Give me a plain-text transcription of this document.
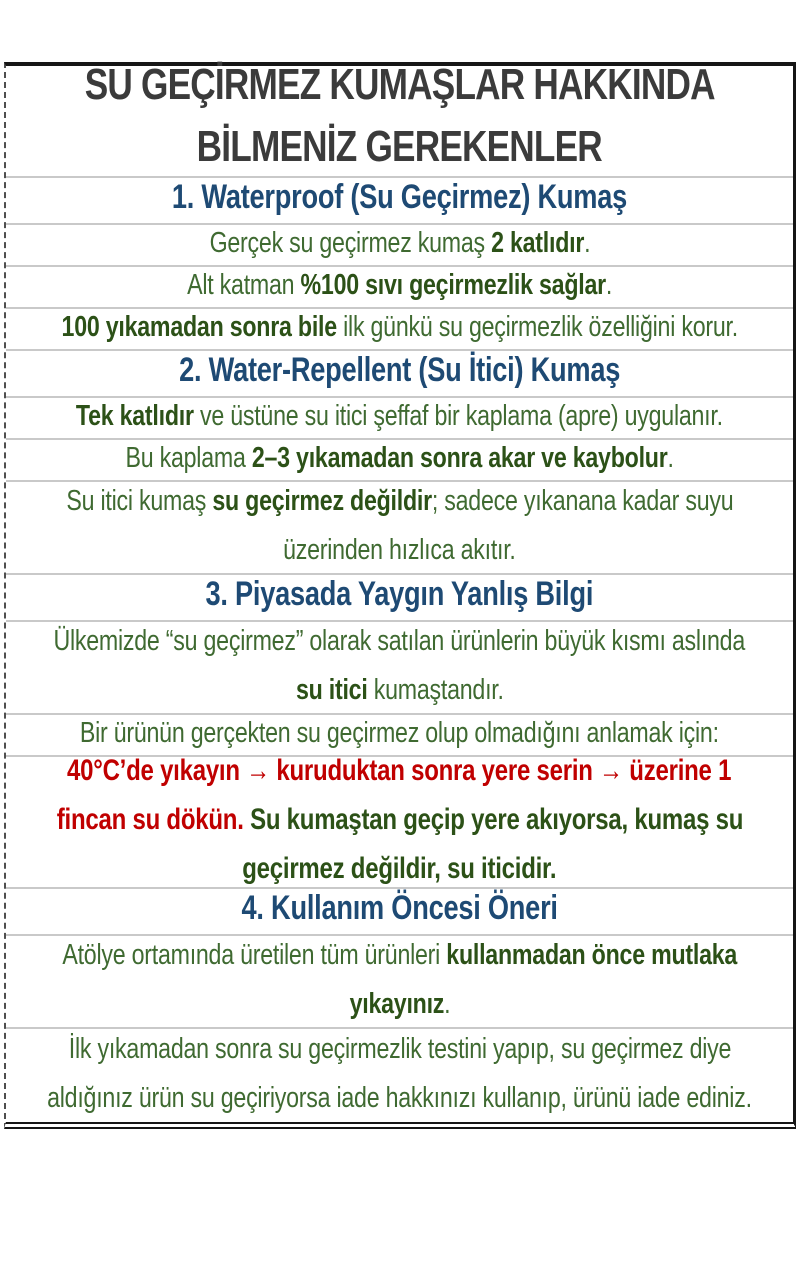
SU GEÇİRMEZ KUMAŞLAR HAKKINDA
BİLMENİZ GEREKENLER
1. Waterproof (Su Geçirmez) Kumaş
Gerçek su geçirmez kumaş 2 katlıdır.
Alt katman %100 sıvı geçirmezlik sağlar.
100 yıkamadan sonra bile ilk günkü su geçirmezlik özelliğini korur.
2. Water-Repellent (Su İtici) Kumaş
Tek katlıdır ve üstüne su itici şeffaf bir kaplama (apre) uygulanır.
Bu kaplama 2–3 yıkamadan sonra akar ve kaybolur.
Su itici kumaş su geçirmez değildir; sadece yıkanana kadar suyu
üzerinden hızlıca akıtır.
3. Piyasada Yaygın Yanlış Bilgi
Ülkemizde “su geçirmez” olarak satılan ürünlerin büyük kısmı aslında
su itici kumaştandır.
Bir ürünün gerçekten su geçirmez olup olmadığını anlamak için:
40°C’de yıkayın → kuruduktan sonra yere serin → üzerine 1
fincan su dökün. Su kumaştan geçip yere akıyorsa, kumaş su
geçirmez değildir, su iticidir.
4. Kullanım Öncesi Öneri
Atölye ortamında üretilen tüm ürünleri kullanmadan önce mutlaka
yıkayınız.
İlk yıkamadan sonra su geçirmezlik testini yapıp, su geçirmez diye
aldığınız ürün su geçiriyorsa iade hakkınızı kullanıp, ürünü iade ediniz.
